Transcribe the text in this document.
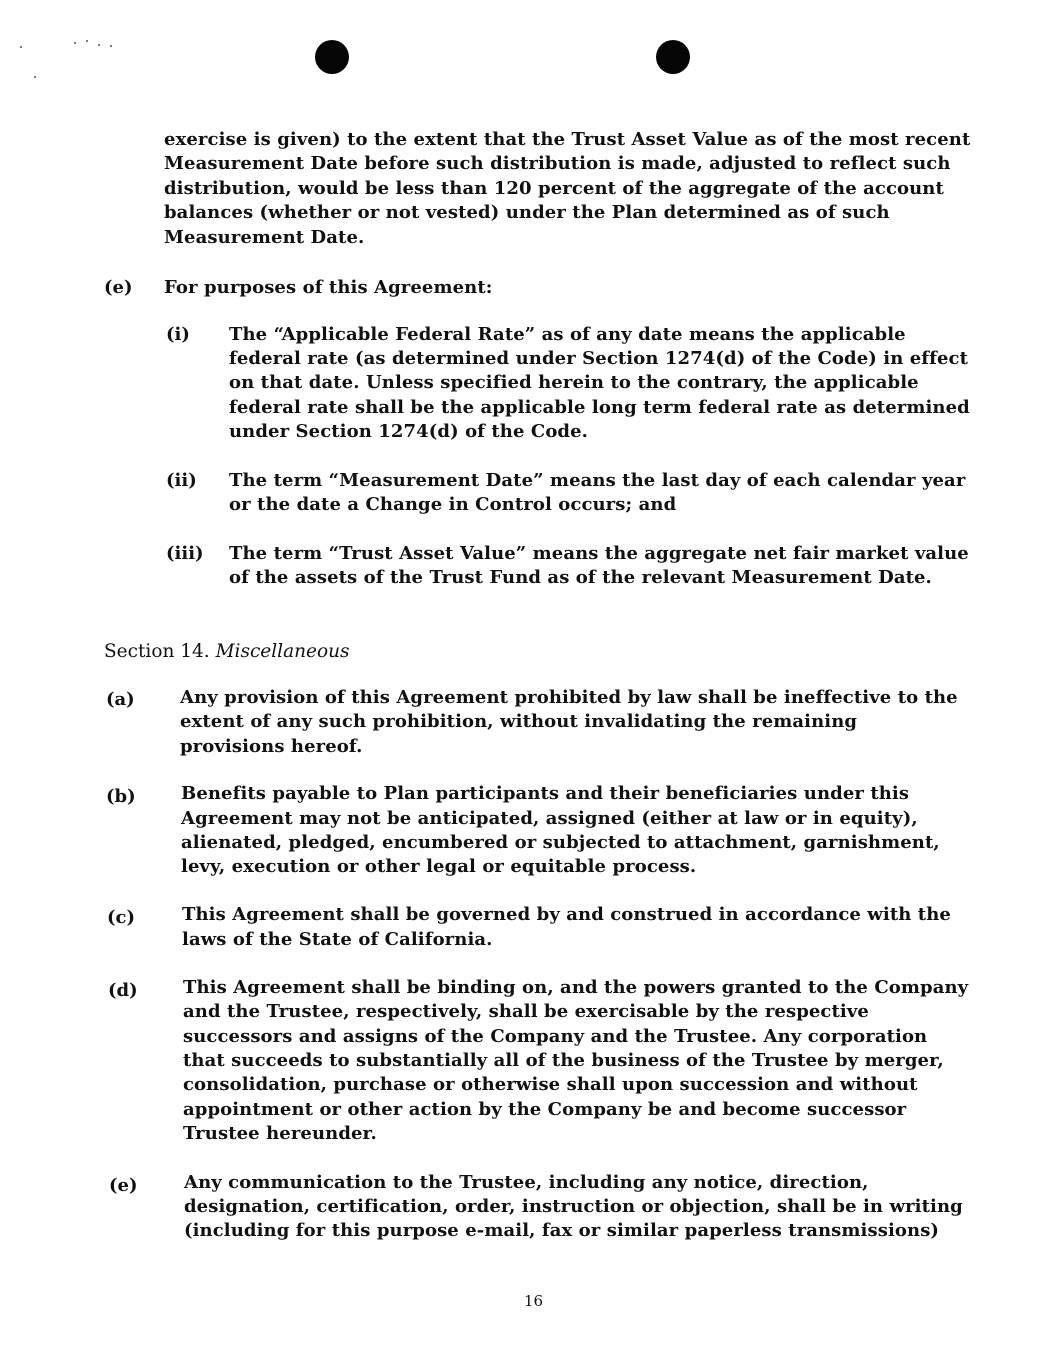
exercise is given) to the extent that the Trust Asset Value as of the most recent
Measurement Date before such distribution is made, adjusted to reflect such
distribution, would be less than 120 percent of the aggregate of the account
balances (whether or not vested) under the Plan determined as of such
Measurement Date.
(e) For purposes of this Agreement:
(i) The “Applicable Federal Rate” as of any date means the applicable
federal rate (as determined under Section 1274(d) of the Code) in effect
on that date. Unless specified herein to the contrary, the applicable
federal rate shall be the applicable long term federal rate as determined
under Section 1274(d) of the Code.
(ii) The term “Measurement Date” means the last day of each calendar year
or the date a Change in Control occurs; and
(iii) The term “Trust Asset Value” means the aggregate net fair market value
of the assets of the Trust Fund as of the relevant Measurement Date.
Section 14. Miscellaneous
(a)	Any provision of this Agreement prohibited by law shall be ineffective to the
extent of any such prohibition, without invalidating the remaining
provisions hereof.
(b)	Benefits payable to Plan participants and their beneficiaries under this
Agreement may not be anticipated, assigned (either at law or in equity),
alienated, pledged, encumbered or subjected to attachment, garnishment,
levy, execution or other legal or equitable process.
(c)	This Agreement shall be governed by and construed in accordance with the
laws of the State of California.
(d)	This Agreement shall be binding on, and the powers granted to the Company
and the Trustee, respectively, shall be exercisable by the respective
successors and assigns of the Company and the Trustee. Any corporation
that succeeds to substantially all of the business of the Trustee by merger,
consolidation, purchase or otherwise shall upon succession and without
appointment or other action by the Company be and become successor
Trustee hereunder.
(e)	Any communication to the Trustee, including any notice, direction,
designation, certification, order, instruction or objection, shall be in writing
(including for this purpose e-mail, fax or similar paperless transmissions)
16
